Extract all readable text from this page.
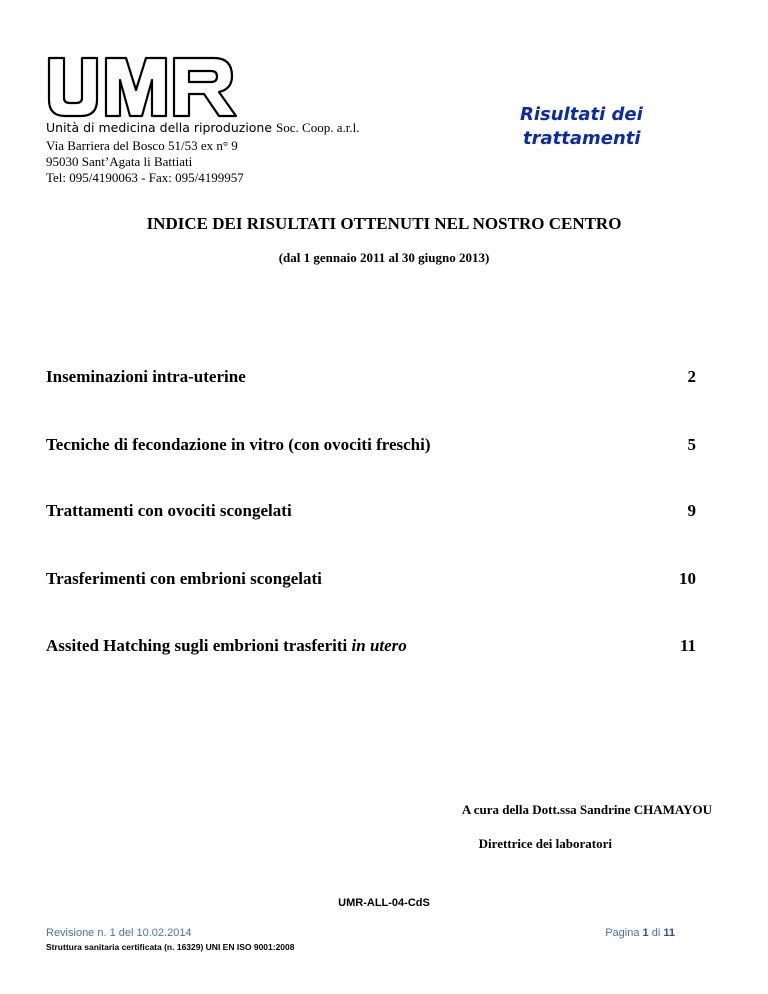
Unità di medicina della riproduzione Soc. Coop. a.r.l.
Via Barriera del Bosco 51/53 ex n° 9
95030 Sant’Agata li Battiati
Tel: 095/4190063 - Fax: 095/4199957
Risultati dei
trattamenti
INDICE DEI RISULTATI OTTENUTI NEL NOSTRO CENTRO
(dal 1 gennaio 2011 al 30 giugno 2013)
Inseminazioni intra-uterine	2
Tecniche di fecondazione in vitro (con ovociti freschi)	5
Trattamenti con ovociti scongelati	9
Trasferimenti con embrioni scongelati	10
Assited Hatching sugli embrioni trasferiti in utero	11
A cura della Dott.ssa Sandrine CHAMAYOU
Direttrice dei laboratori
UMR-ALL-04-CdS
Revisione n. 1 del 10.02.2014
Struttura sanitaria certificata (n. 16329) UNI EN ISO 9001:2008
Pagina 1 di 11
